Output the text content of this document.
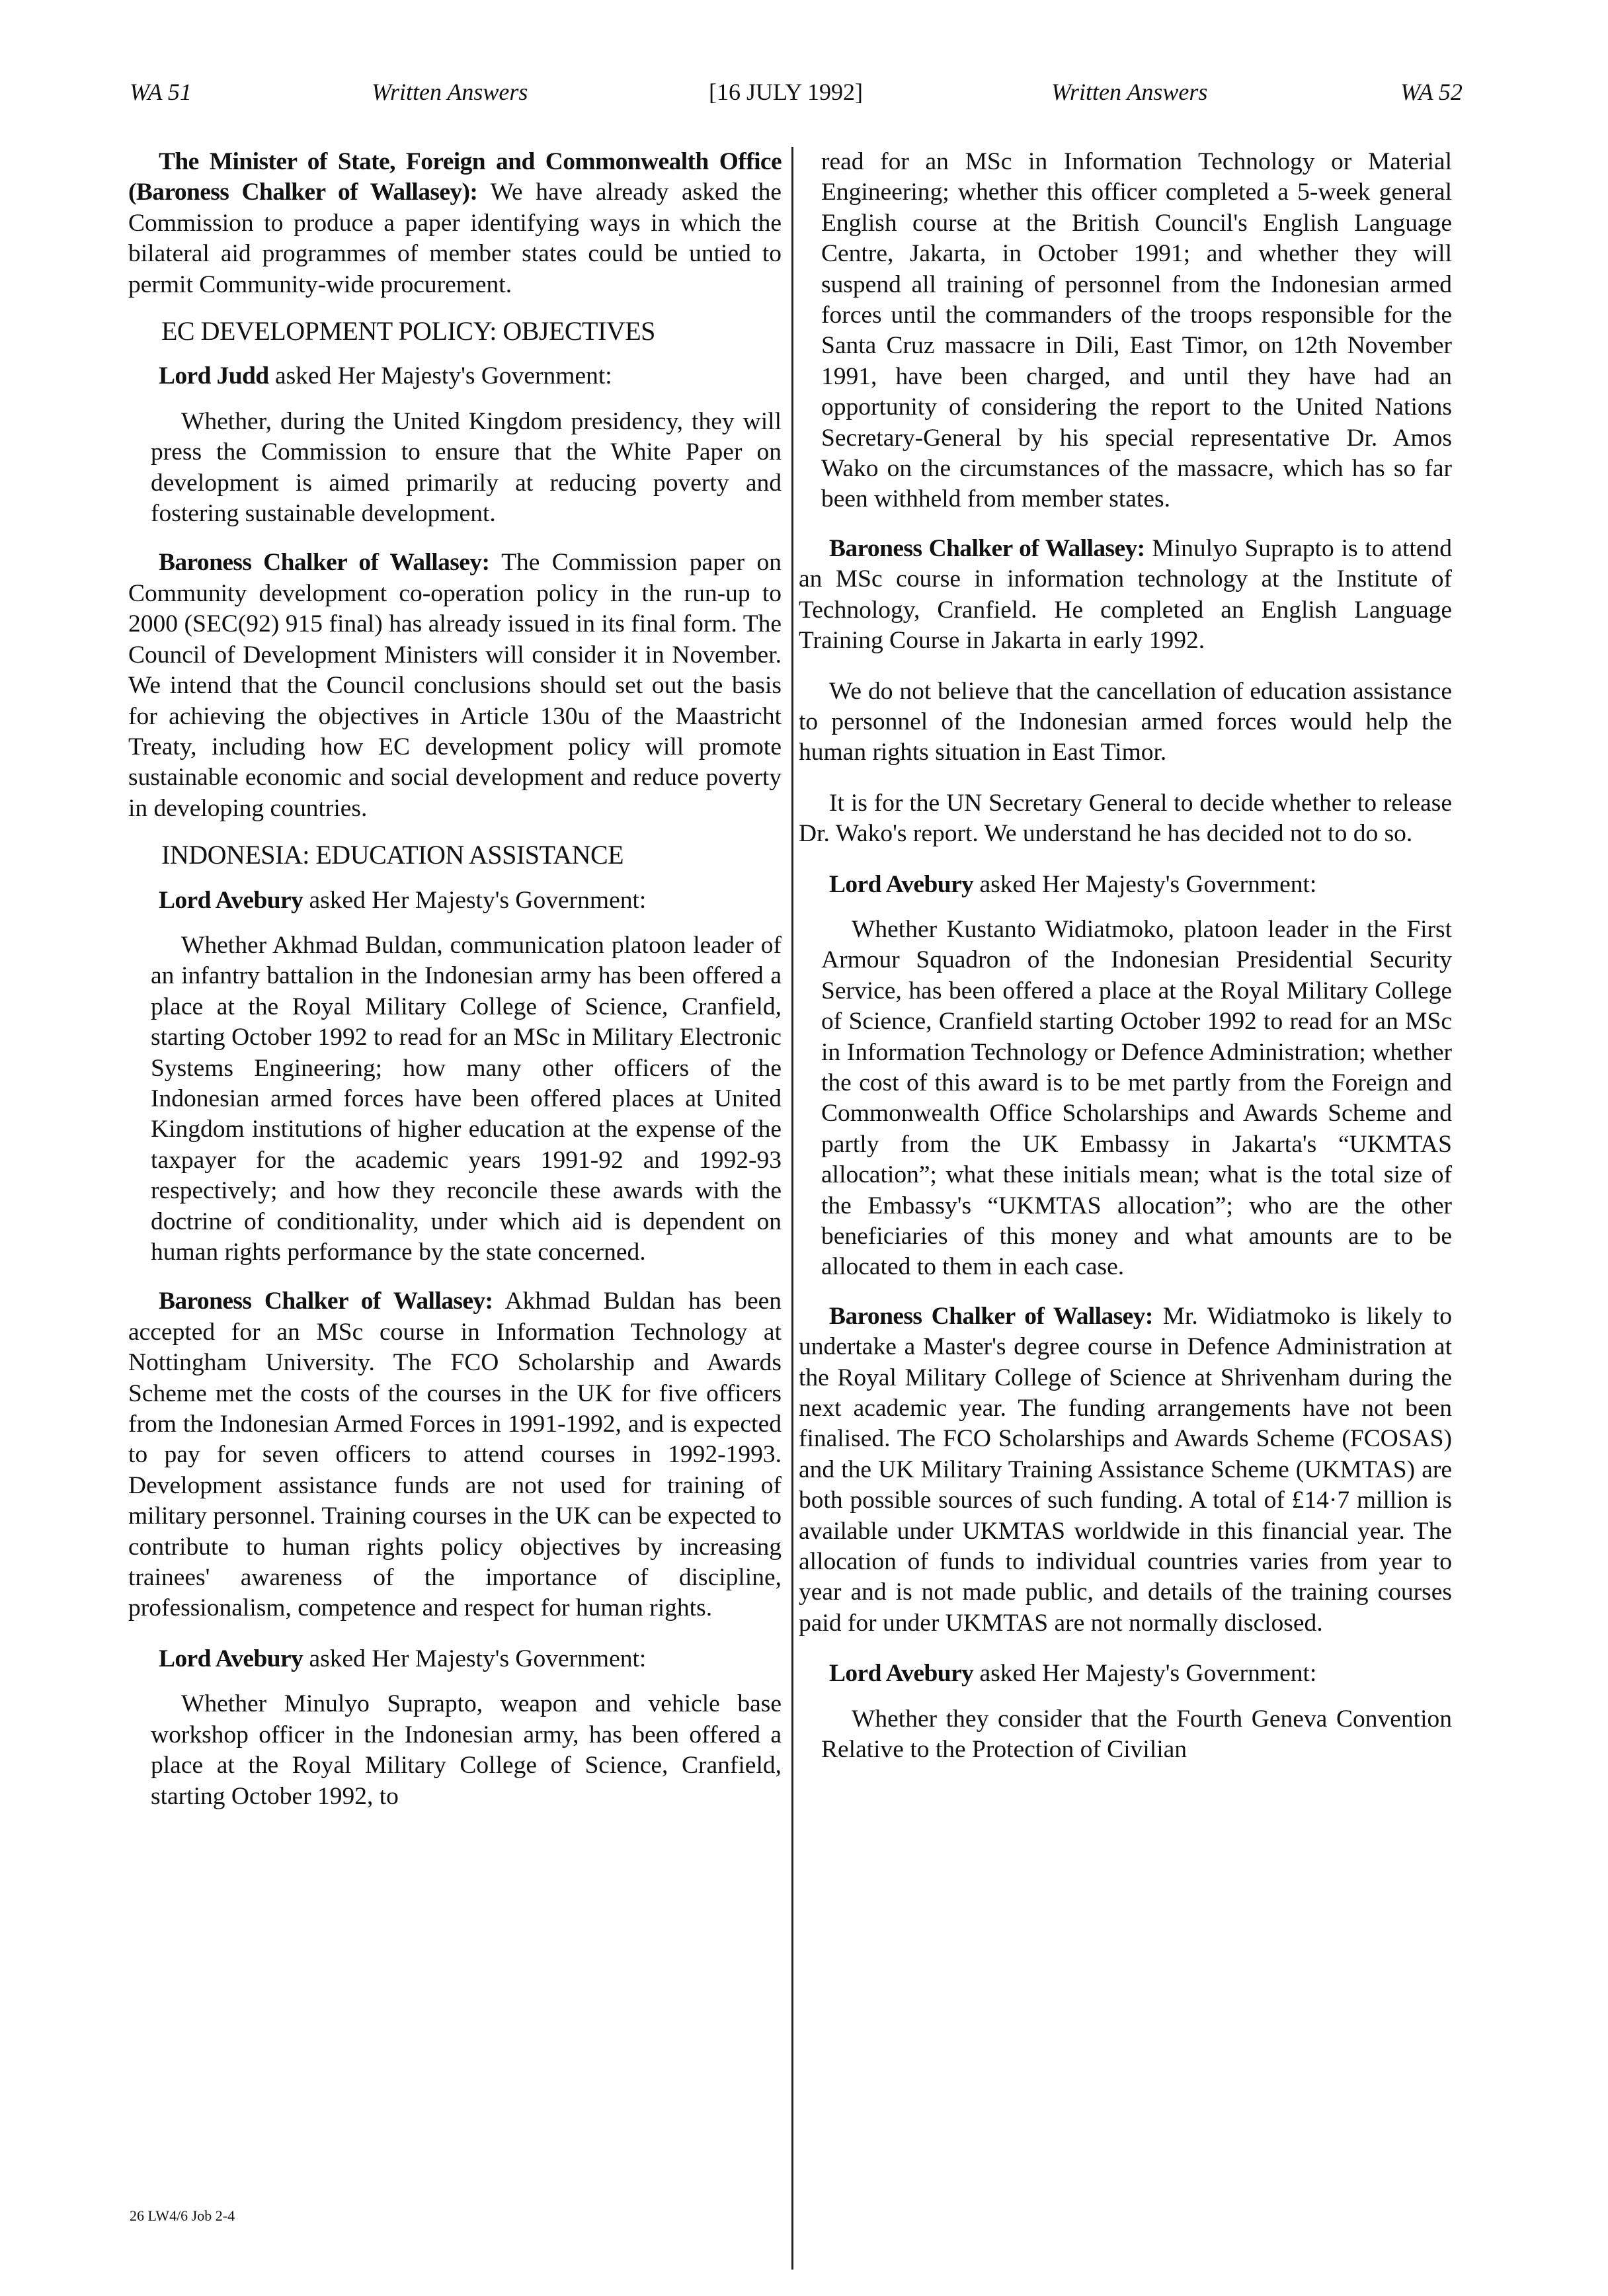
WA 51	Written Answers	[16 JULY 1992]	Written Answers	WA 52

The Minister of State, Foreign and Commonwealth Office (Baroness Chalker of Wallasey): We have already asked the Commission to produce a paper identifying ways in which the bilateral aid programmes of member states could be untied to permit Community-wide procurement.

EC DEVELOPMENT POLICY: OBJECTIVES

Lord Judd asked Her Majesty's Government:

Whether, during the United Kingdom presidency, they will press the Commission to ensure that the White Paper on development is aimed primarily at reducing poverty and fostering sustainable development.

Baroness Chalker of Wallasey: The Commission paper on Community development co-operation policy in the run-up to 2000 (SEC(92) 915 final) has already issued in its final form. The Council of Development Ministers will consider it in November. We intend that the Council conclusions should set out the basis for achieving the objectives in Article 130u of the Maastricht Treaty, including how EC development policy will promote sustainable economic and social development and reduce poverty in developing countries.

INDONESIA: EDUCATION ASSISTANCE

Lord Avebury asked Her Majesty's Government:

Whether Akhmad Buldan, communication platoon leader of an infantry battalion in the Indonesian army has been offered a place at the Royal Military College of Science, Cranfield, starting October 1992 to read for an MSc in Military Electronic Systems Engineering; how many other officers of the Indonesian armed forces have been offered places at United Kingdom institutions of higher education at the expense of the taxpayer for the academic years 1991-92 and 1992-93 respectively; and how they reconcile these awards with the doctrine of conditionality, under which aid is dependent on human rights performance by the state concerned.

Baroness Chalker of Wallasey: Akhmad Buldan has been accepted for an MSc course in Information Technology at Nottingham University. The FCO Scholarship and Awards Scheme met the costs of the courses in the UK for five officers from the Indonesian Armed Forces in 1991-1992, and is expected to pay for seven officers to attend courses in 1992-1993. Development assistance funds are not used for training of military personnel. Training courses in the UK can be expected to contribute to human rights policy objectives by increasing trainees' awareness of the importance of discipline, professionalism, competence and respect for human rights.

Lord Avebury asked Her Majesty's Government:

Whether Minulyo Suprapto, weapon and vehicle base workshop officer in the Indonesian army, has been offered a place at the Royal Military College of Science, Cranfield, starting October 1992, to

read for an MSc in Information Technology or Material Engineering; whether this officer completed a 5-week general English course at the British Council's English Language Centre, Jakarta, in October 1991; and whether they will suspend all training of personnel from the Indonesian armed forces until the commanders of the troops responsible for the Santa Cruz massacre in Dili, East Timor, on 12th November 1991, have been charged, and until they have had an opportunity of considering the report to the United Nations Secretary-General by his special representative Dr. Amos Wako on the circumstances of the massacre, which has so far been withheld from member states.

Baroness Chalker of Wallasey: Minulyo Suprapto is to attend an MSc course in information technology at the Institute of Technology, Cranfield. He completed an English Language Training Course in Jakarta in early 1992.

We do not believe that the cancellation of education assistance to personnel of the Indonesian armed forces would help the human rights situation in East Timor.

It is for the UN Secretary General to decide whether to release Dr. Wako's report. We understand he has decided not to do so.

Lord Avebury asked Her Majesty's Government:

Whether Kustanto Widiatmoko, platoon leader in the First Armour Squadron of the Indonesian Presidential Security Service, has been offered a place at the Royal Military College of Science, Cranfield starting October 1992 to read for an MSc in Information Technology or Defence Administration; whether the cost of this award is to be met partly from the Foreign and Commonwealth Office Scholarships and Awards Scheme and partly from the UK Embassy in Jakarta's “UKMTAS allocation”; what these initials mean; what is the total size of the Embassy's “UKMTAS allocation”; who are the other beneficiaries of this money and what amounts are to be allocated to them in each case.

Baroness Chalker of Wallasey: Mr. Widiatmoko is likely to undertake a Master's degree course in Defence Administration at the Royal Military College of Science at Shrivenham during the next academic year. The funding arrangements have not been finalised. The FCO Scholarships and Awards Scheme (FCOSAS) and the UK Military Training Assistance Scheme (UKMTAS) are both possible sources of such funding. A total of £14·7 million is available under UKMTAS worldwide in this financial year. The allocation of funds to individual countries varies from year to year and is not made public, and details of the training courses paid for under UKMTAS are not normally disclosed.

Lord Avebury asked Her Majesty's Government:

Whether they consider that the Fourth Geneva Convention Relative to the Protection of Civilian

26 LW4/6 Job 2-4
